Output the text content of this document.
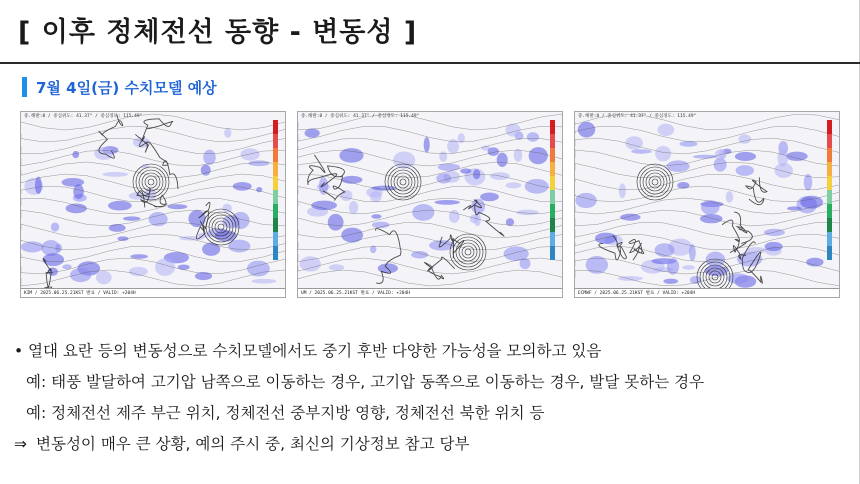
[ 이후 정체전선 동향 - 변동성 ]
7월 4일(금) 수치모델 예상
중.해발:0 / 중심위도: 41.37° / 중심경도: 115.49°
KIM / 2025.06.25.21KST 발표 / VALID: +204H
중.해발:0 / 중심위도: 41.37° / 중심경도: 115.49°
UM / 2025.06.25.21KST 발표 / VALID: +204H
중.해발:0 / 중심위도: 41.37° / 중심경도: 115.49°
ECMWF / 2025.06.25.21KST 발표 / VALID: +204H
• 열대 요란 등의 변동성으로 수치모델에서도 중기 후반 다양한 가능성을 모의하고 있음
예: 태풍 발달하여 고기압 남쪽으로 이동하는 경우, 고기압 동쪽으로 이동하는 경우, 발달 못하는 경우
예: 정체전선 제주 부근 위치, 정체전선 중부지방 영향, 정체전선 북한 위치 등
⇒ 변동성이 매우 큰 상황, 예의 주시 중, 최신의 기상정보 참고 당부
